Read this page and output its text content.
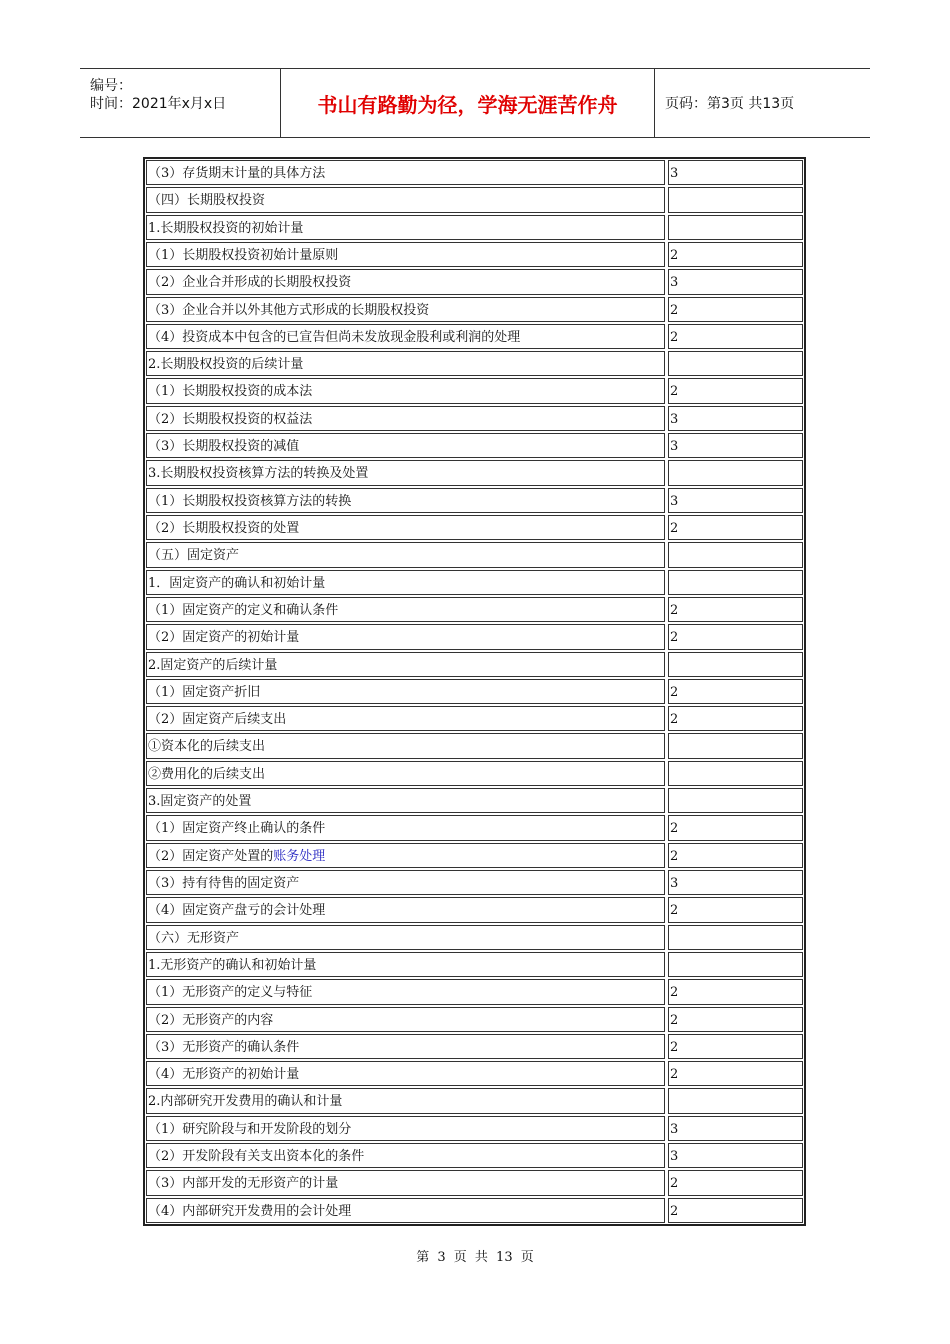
编号：
时间：2021年x月x日	书山有路勤为径，学海无涯苦作舟	页码：第3页 共13页
（3）存货期末计量的具体方法	3
（四）长期股权投资
1.长期股权投资的初始计量
（1）长期股权投资初始计量原则	2
（2）企业合并形成的长期股权投资	3
（3）企业合并以外其他方式形成的长期股权投资	2
（4）投资成本中包含的已宣告但尚未发放现金股利或利润的处理	2
2.长期股权投资的后续计量
（1）长期股权投资的成本法	2
（2）长期股权投资的权益法	3
（3）长期股权投资的减值	3
3.长期股权投资核算方法的转换及处置
（1）长期股权投资核算方法的转换	3
（2）长期股权投资的处置	2
（五）固定资产
1．固定资产的确认和初始计量
（1）固定资产的定义和确认条件	2
（2）固定资产的初始计量	2
2.固定资产的后续计量
（1）固定资产折旧	2
（2）固定资产后续支出	2
①资本化的后续支出
②费用化的后续支出
3.固定资产的处置
（1）固定资产终止确认的条件	2
（2）固定资产处置的账务处理	2
（3）持有待售的固定资产	3
（4）固定资产盘亏的会计处理	2
（六）无形资产
1.无形资产的确认和初始计量
（1）无形资产的定义与特征	2
（2）无形资产的内容	2
（3）无形资产的确认条件	2
（4）无形资产的初始计量	2
2.内部研究开发费用的确认和计量
（1）研究阶段与和开发阶段的划分	3
（2）开发阶段有关支出资本化的条件	3
（3）内部开发的无形资产的计量	2
（4）内部研究开发费用的会计处理	2
第 3 页 共 13 页
